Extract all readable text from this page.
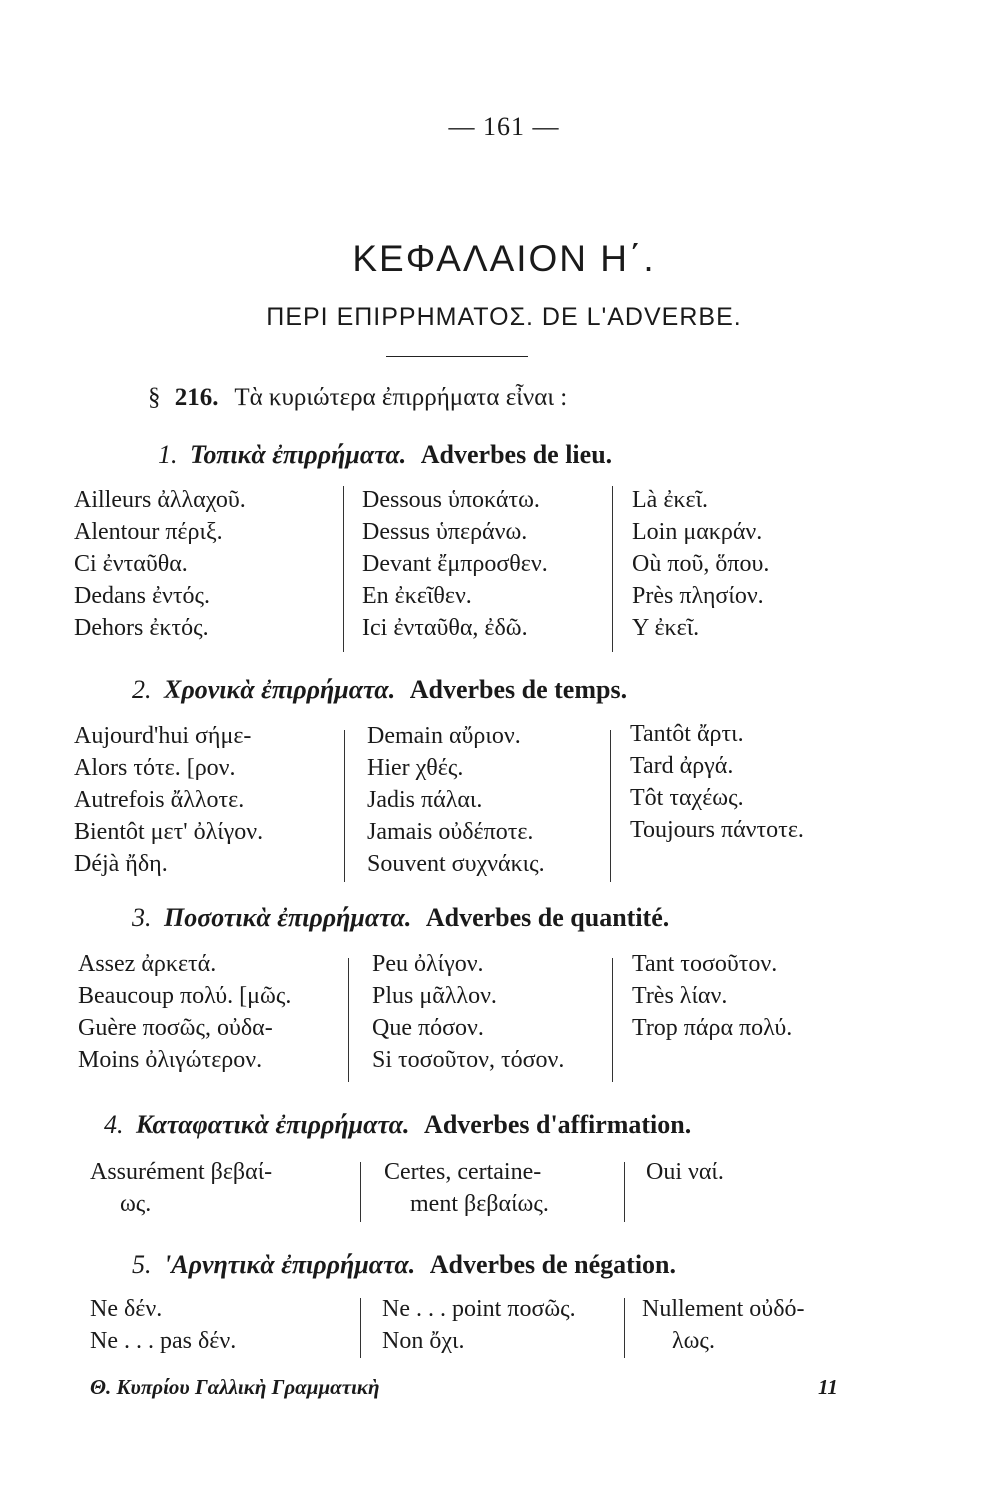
— 161 —
ΚΕΦΑΛΑΙΟΝ Η΄.
ΠΕΡΙ ΕΠΙΡΡΗΜΑΤΟΣ. DE L'ADVERBE.
§ 216. Τὰ κυριώτερα ἐπιρρήματα εἶναι :
1. Τοπικὰ ἐπιρρήματα. Adverbes de lieu.
Ailleurs ἀλλαχοῦ.
Alentour πέριξ.
Ci ἐνταῦθα.
Dedans ἐντός.
Dehors ἐκτός.
Dessous ὑποκάτω.
Dessus ὑπεράνω.
Devant ἔμπροσθεν.
En ἐκεῖθεν.
Ici ἐνταῦθα, ἐδῶ.
Là ἐκεῖ.
Loin μακράν.
Où ποῦ, ὅπου.
Près πλησίον.
Y ἐκεῖ.
2. Χρονικὰ ἐπιρρήματα. Adverbes de temps.
Aujourd'hui σήμε-
Alors τότε. [ρον.
Autrefois ἄλλοτε.
Bientôt μετ' ὀλίγον.
Déjà ἤδη.
Demain αὔριον.
Hier χθές.
Jadis πάλαι.
Jamais οὐδέποτε.
Souvent συχνάκις.
Tantôt ἄρτι.
Tard ἀργά.
Tôt ταχέως.
Toujours πάντοτε.
3. Ποσοτικὰ ἐπιρρήματα. Adverbes de quantité.
Assez ἀρκετά.
Beaucoup πολύ. [μῶς.
Guère ποσῶς, οὐδα-
Moins ὀλιγώτερον.
Peu ὀλίγον.
Plus μᾶλλον.
Que πόσον.
Si τοσοῦτον, τόσον.
Tant τοσοῦτον.
Très λίαν.
Trop πάρα πολύ.
4. Καταφατικὰ ἐπιρρήματα. Adverbes d'affirmation.
Assurément βεβαί-
ως.
Certes, certaine-
ment βεβαίως.
Oui ναί.
5. 'Αρνητικὰ ἐπιρρήματα. Adverbes de négation.
Ne δέν.
Ne . . . pas δέν.
Ne . . . point ποσῶς.
Non ὄχι.
Nullement οὐδό-
λως.
Θ. Κυπρίου Γαλλικὴ Γραμματικὴ	11
